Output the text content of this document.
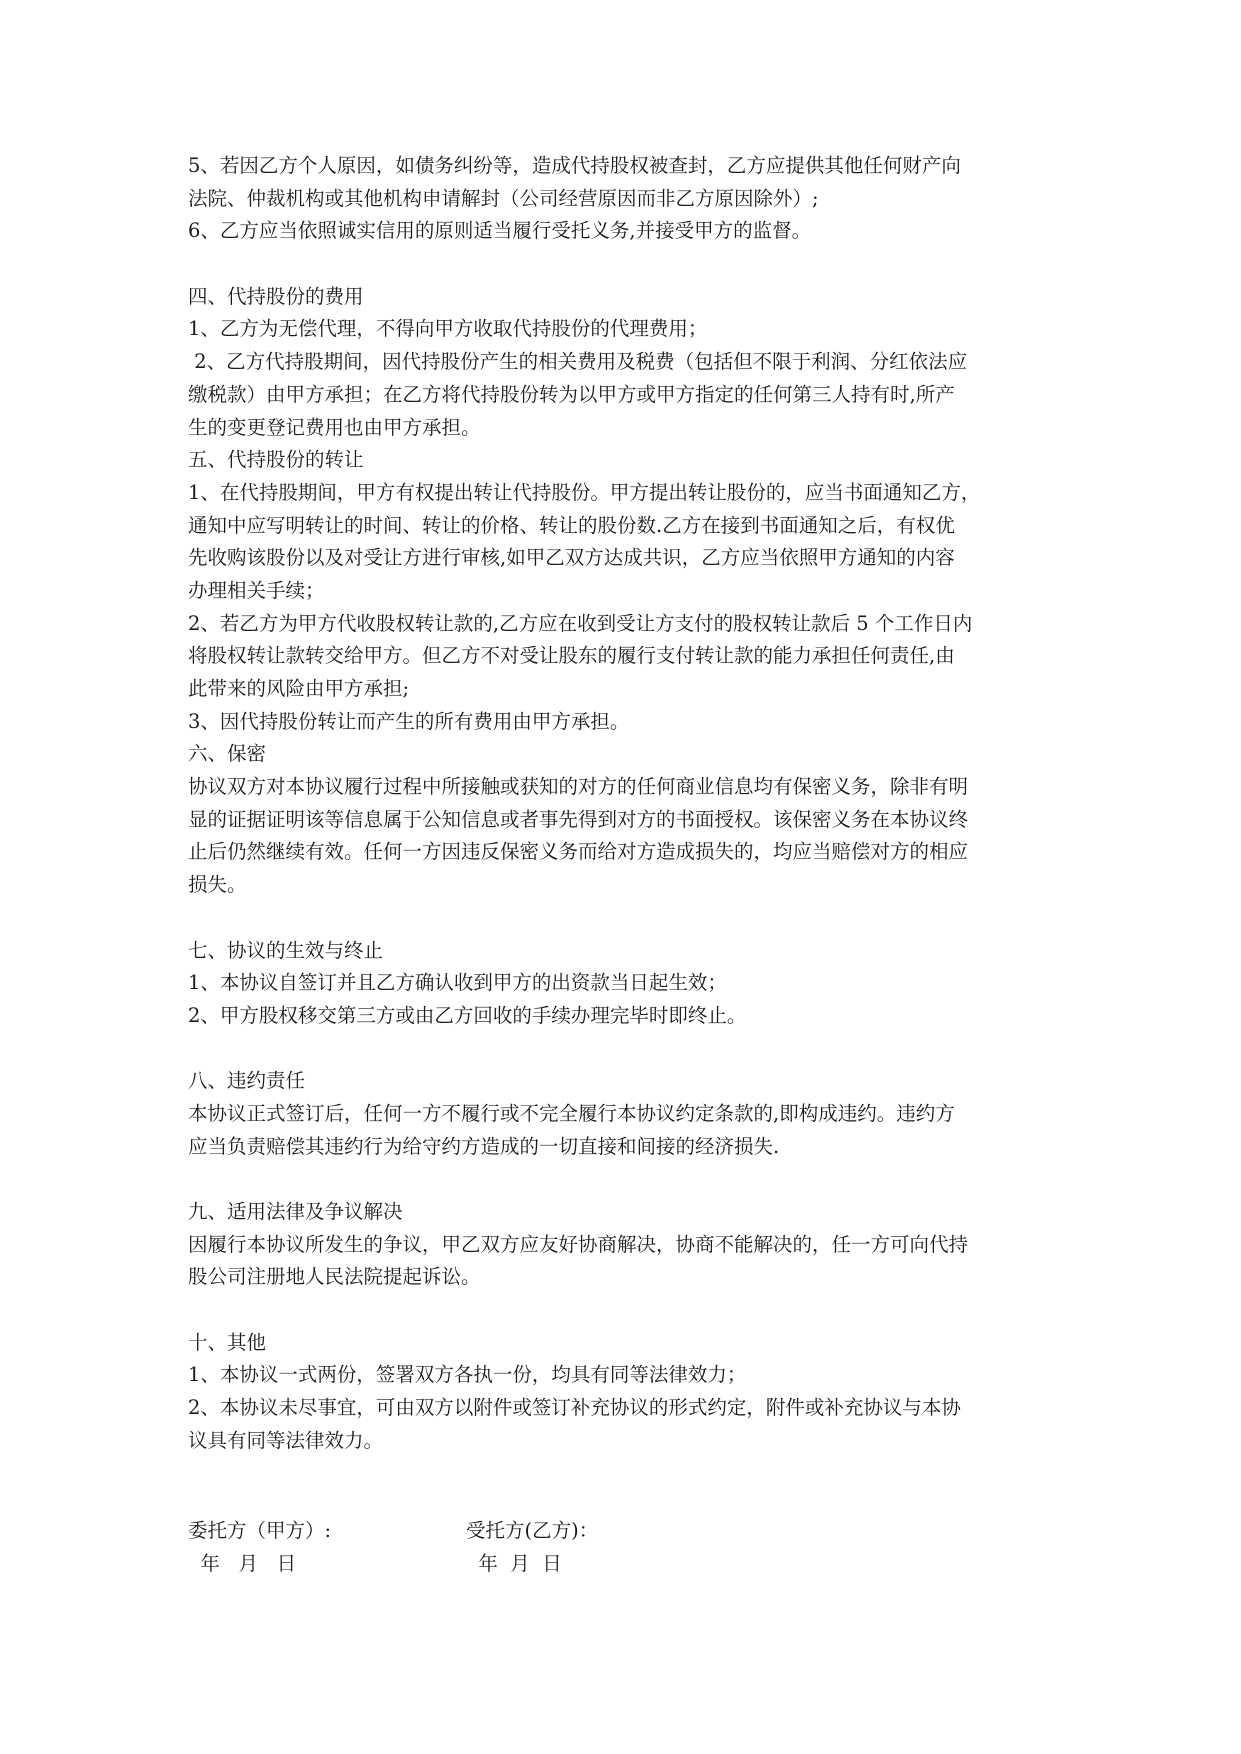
5、若因乙方个人原因，如债务纠纷等，造成代持股权被查封，乙方应提供其他任何财产向
法院、仲裁机构或其他机构申请解封（公司经营原因而非乙方原因除外）;
6、乙方应当依照诚实信用的原则适当履行受托义务,并接受甲方的监督。
四、代持股份的费用
1、乙方为无偿代理，不得向甲方收取代持股份的代理费用；
2、乙方代持股期间，因代持股份产生的相关费用及税费（包括但不限于利润、分红依法应
缴税款）由甲方承担；在乙方将代持股份转为以甲方或甲方指定的任何第三人持有时,所产
生的变更登记费用也由甲方承担。
五、代持股份的转让
1、在代持股期间，甲方有权提出转让代持股份。甲方提出转让股份的，应当书面通知乙方，
通知中应写明转让的时间、转让的价格、转让的股份数.乙方在接到书面通知之后，有权优
先收购该股份以及对受让方进行审核,如甲乙双方达成共识，乙方应当依照甲方通知的内容
办理相关手续；
2、若乙方为甲方代收股权转让款的,乙方应在收到受让方支付的股权转让款后 5 个工作日内
将股权转让款转交给甲方。但乙方不对受让股东的履行支付转让款的能力承担任何责任,由
此带来的风险由甲方承担;
3、因代持股份转让而产生的所有费用由甲方承担。
六、保密
协议双方对本协议履行过程中所接触或获知的对方的任何商业信息均有保密义务，除非有明
显的证据证明该等信息属于公知信息或者事先得到对方的书面授权。该保密义务在本协议终
止后仍然继续有效。任何一方因违反保密义务而给对方造成损失的，均应当赔偿对方的相应
损失。
七、协议的生效与终止
1、本协议自签订并且乙方确认收到甲方的出资款当日起生效；
2、甲方股权移交第三方或由乙方回收的手续办理完毕时即终止。
八、违约责任
本协议正式签订后，任何一方不履行或不完全履行本协议约定条款的,即构成违约。违约方
应当负责赔偿其违约行为给守约方造成的一切直接和间接的经济损失.
九、适用法律及争议解决
因履行本协议所发生的争议，甲乙双方应友好协商解决，协商不能解决的，任一方可向代持
股公司注册地人民法院提起诉讼。
十、其他
1、本协议一式两份，签署双方各执一份，均具有同等法律效力；
2、本协议未尽事宜，可由双方以附件或签订补充协议的形式约定，附件或补充协议与本协
议具有同等法律效力。
委托方（甲方）:	受托方(乙方)：
年   月   日	年  月  日
